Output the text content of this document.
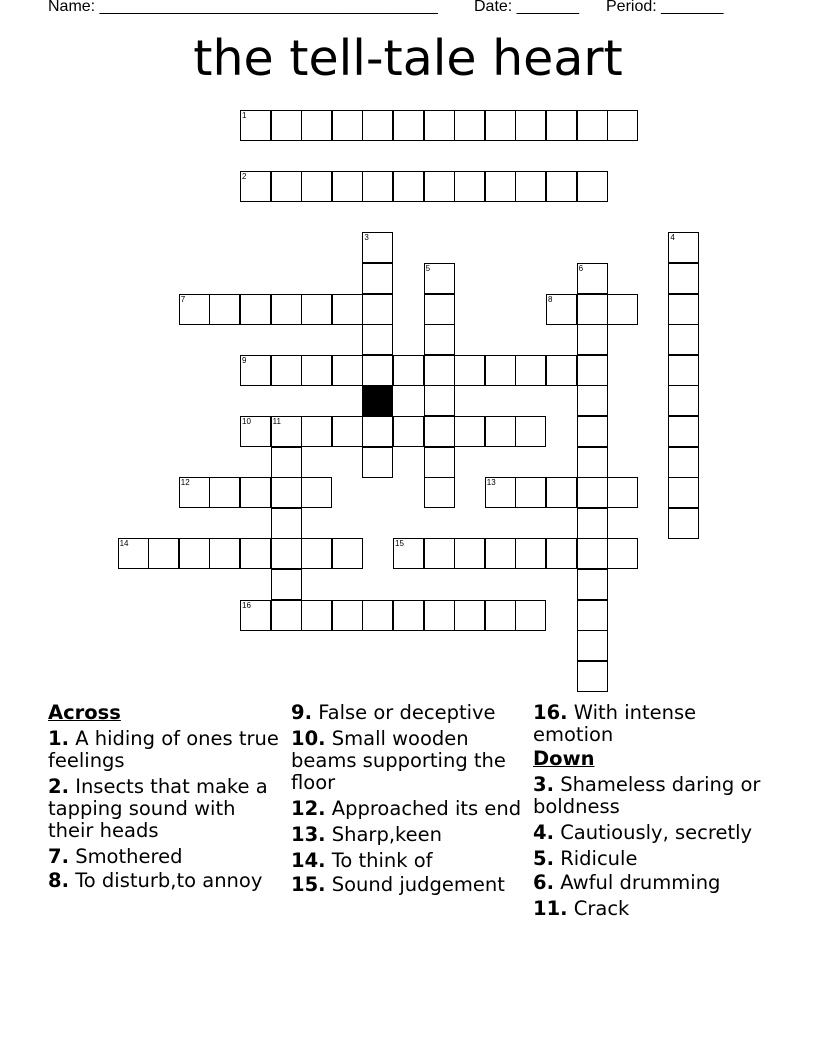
Name: ______________________________________ Date: _______ Period: _______
the tell-tale heart
1
2
3	4
5	6
7	8
9
10	11
12	13
14	15
16
Across
1. A hiding of ones true feelings
2. Insects that make a tapping sound with their heads
7. Smothered
8. To disturb,to annoy
9. False or deceptive
10. Small wooden beams supporting the floor
12. Approached its end
13. Sharp,keen
14. To think of
15. Sound judgement
16. With intense emotion
Down
3. Shameless daring or boldness
4. Cautiously, secretly
5. Ridicule
6. Awful drumming
11. Crack
